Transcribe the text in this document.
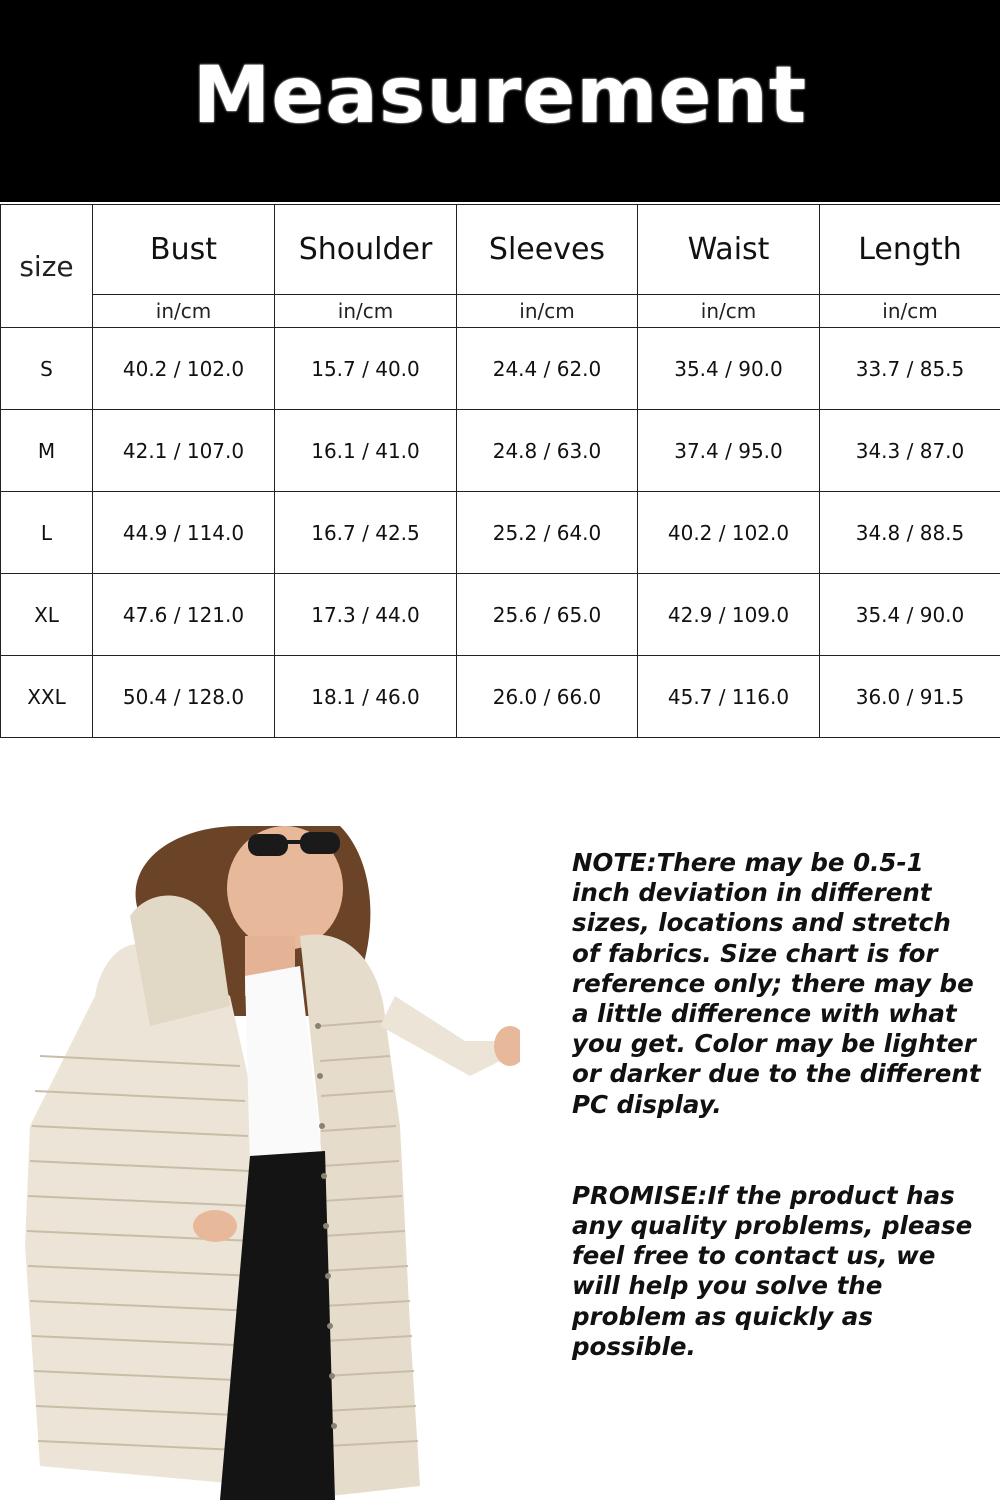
Measurement
size	Bust	Shoulder	Sleeves	Waist	Length
	in/cm	in/cm	in/cm	in/cm	in/cm
S	40.2 / 102.0	15.7 / 40.0	24.4 / 62.0	35.4 / 90.0	33.7 / 85.5
M	42.1 / 107.0	16.1 / 41.0	24.8 / 63.0	37.4 / 95.0	34.3 / 87.0
L	44.9 / 114.0	16.7 / 42.5	25.2 / 64.0	40.2 / 102.0	34.8 / 88.5
XL	47.6 / 121.0	17.3 / 44.0	25.6 / 65.0	42.9 / 109.0	35.4 / 90.0
XXL	50.4 / 128.0	18.1 / 46.0	26.0 / 66.0	45.7 / 116.0	36.0 / 91.5

NOTE:There may be 0.5-1 inch deviation in different sizes, locations and stretch of fabrics. Size chart is for reference only; there may be a little difference with what you get. Color may be lighter or darker due to the different PC display.

PROMISE:If the product has any quality problems, please feel free to contact us, we will help you solve the problem as quickly as possible.
